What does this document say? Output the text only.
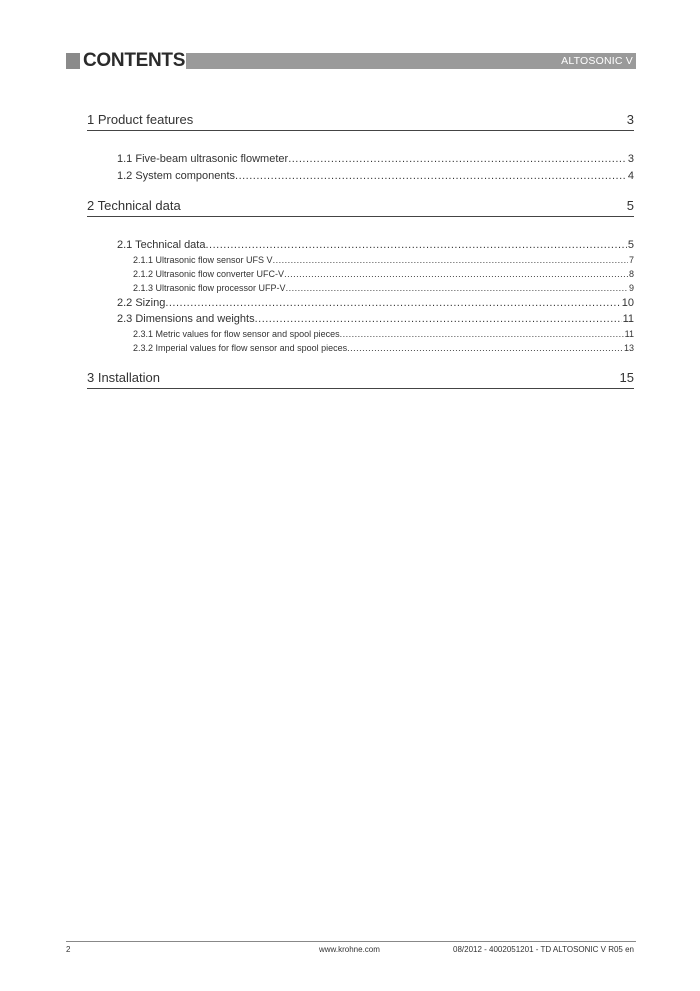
CONTENTS	ALTOSONIC V
1 Product features	3
1.1 Five-beam ultrasonic flowmeter .....	3
1.2 System components .....	4
2 Technical data	5
2.1 Technical data .....	5
2.1.1 Ultrasonic flow sensor UFS V .....	7
2.1.2 Ultrasonic flow converter UFC-V .....	8
2.1.3 Ultrasonic flow processor UFP-V .....	9
2.2 Sizing .....	10
2.3 Dimensions and weights .....	11
2.3.1 Metric values for flow sensor and spool pieces .....	11
2.3.2 Imperial values for flow sensor and spool pieces .....	13
3 Installation	15
2	www.krohne.com	08/2012 - 4002051201 - TD ALTOSONIC V R05 en
